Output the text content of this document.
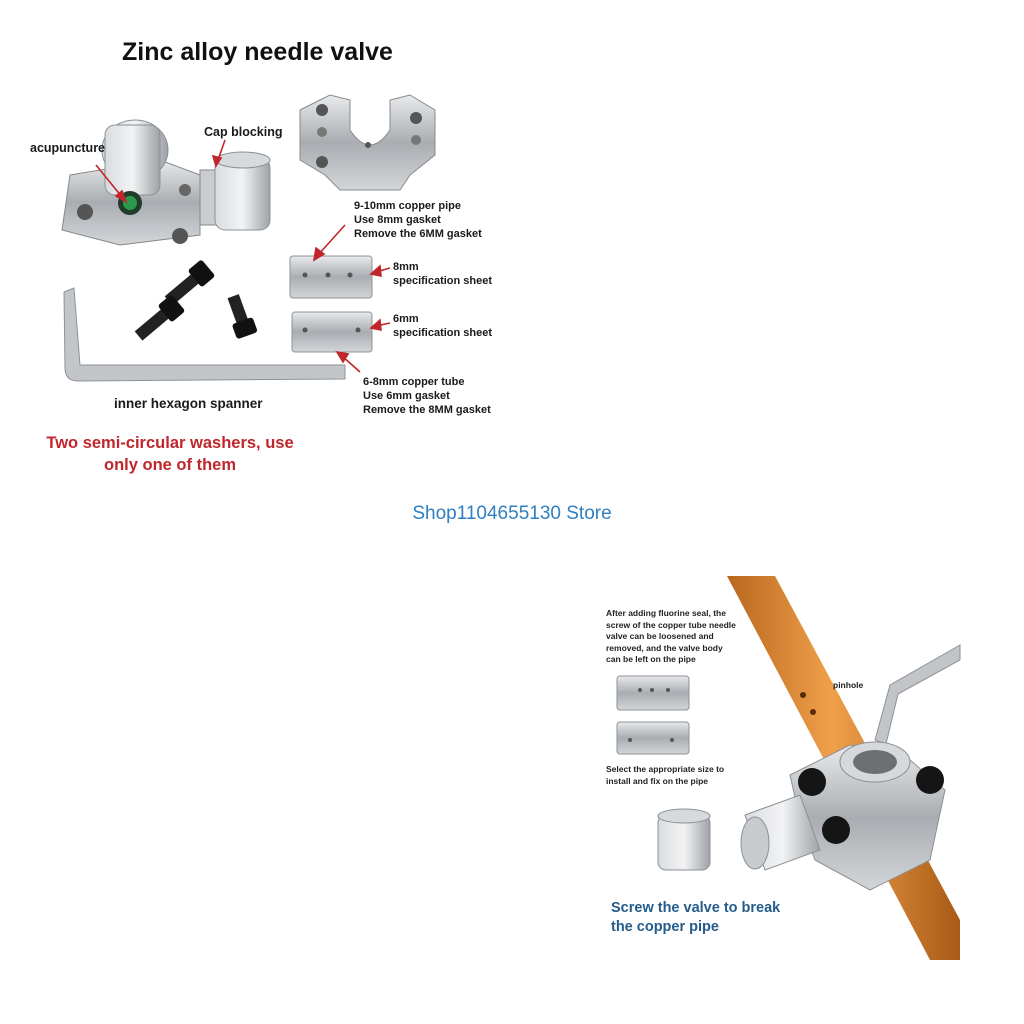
Zinc alloy needle valve
Cap blocking
acupuncture
inner hexagon spanner
9-10mm copper pipe
Use 8mm gasket
Remove the 6MM gasket
8mm
specification sheet
6mm
specification sheet
6-8mm copper tube
Use 6mm gasket
Remove the 8MM gasket
Two semi-circular washers, use
only one of them
Shop1104655130 Store
After adding fluorine seal, the
screw of the copper tube needle
valve can be loosened and
removed, and the valve body
can be left on the pipe
pinhole
Select the appropriate size to
install and fix on the pipe
Screw the valve to break
the copper pipe
